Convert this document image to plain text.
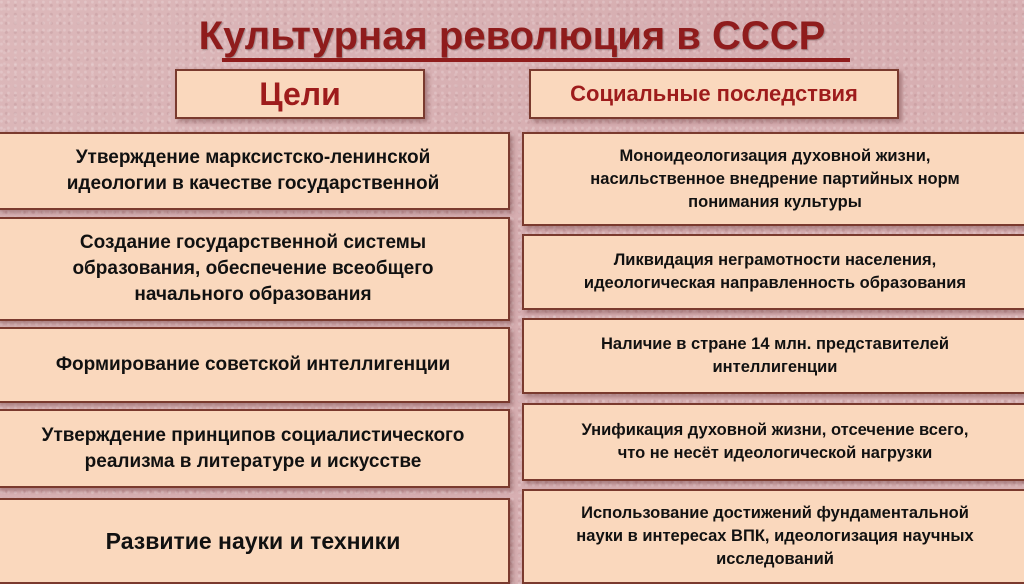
Культурная революция в СССР
Цели	Социальные последствия
Утверждение марксистско-ленинской
идеологии в качестве государственной
Создание государственной системы
образования, обеспечение всеобщего
начального образования
Формирование советской интеллигенции
Утверждение принципов социалистического
реализма в литературе и искусстве
Развитие науки и техники
Моноидеологизация духовной жизни,
насильственное внедрение партийных норм
понимания культуры
Ликвидация неграмотности населения,
идеологическая направленность образования
Наличие в стране 14 млн. представителей
интеллигенции
Унификация духовной жизни, отсечение всего,
что не несёт идеологической нагрузки
Использование достижений фундаментальной
науки в интересах ВПК, идеологизация научных
исследований
